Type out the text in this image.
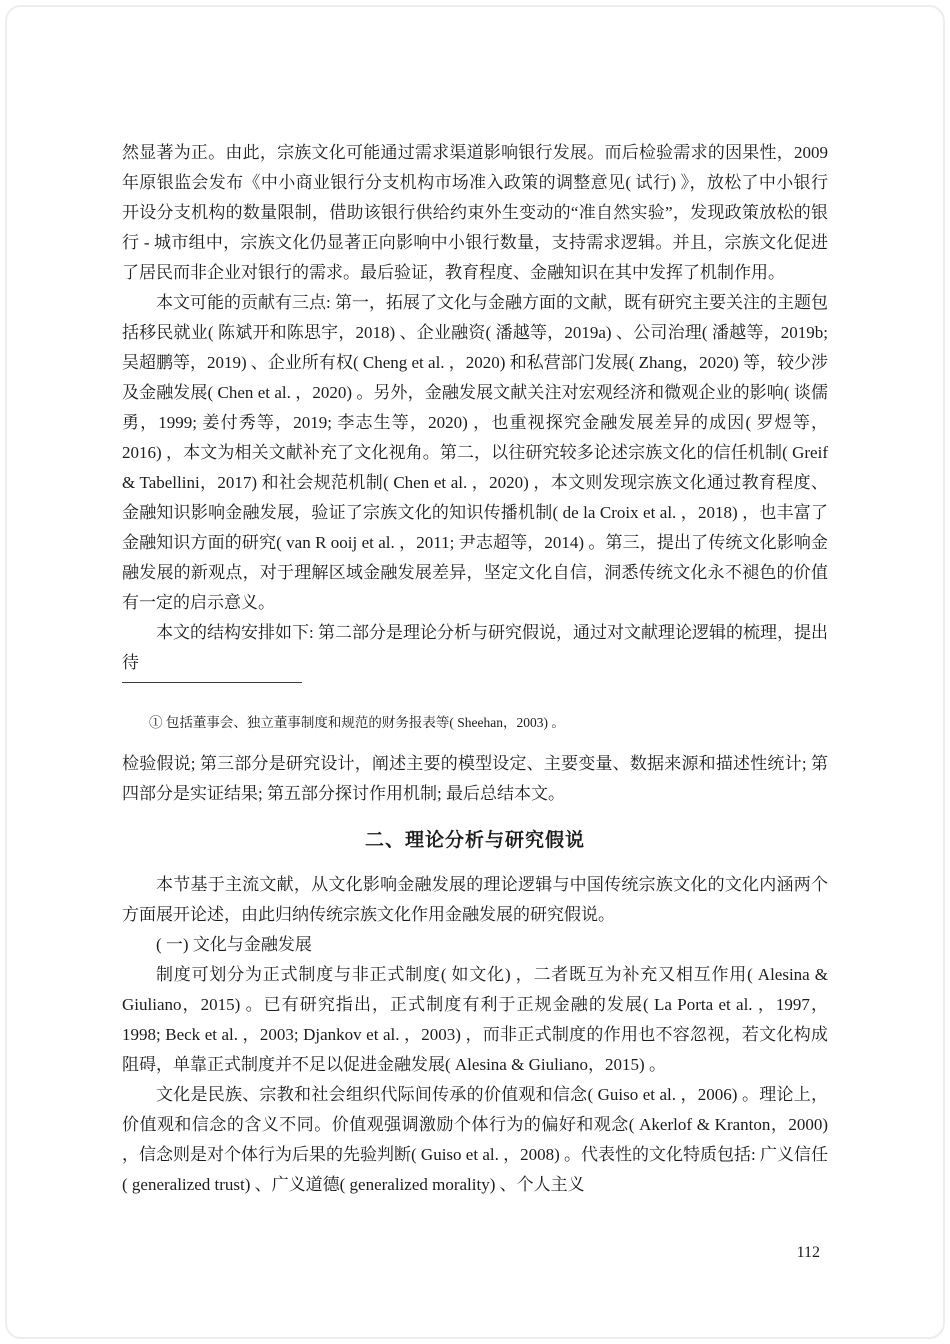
然显著为正。由此，宗族文化可能通过需求渠道影响银行发展。而后检验需求的因果性，2009 年原银监会发布《中小商业银行分支机构市场准入政策的调整意见( 试行) 》，放松了中小银行开设分支机构的数量限制，借助该银行供给约束外生变动的“准自然实验”，发现政策放松的银行 - 城市组中，宗族文化仍显著正向影响中小银行数量，支持需求逻辑。并且，宗族文化促进了居民而非企业对银行的需求。最后验证，教育程度、金融知识在其中发挥了机制作用。

本文可能的贡献有三点: 第一，拓展了文化与金融方面的文献，既有研究主要关注的主题包括移民就业( 陈斌开和陈思宇，2018) 、企业融资( 潘越等，2019a) 、公司治理( 潘越等，2019b; 吴超鹏等，2019) 、企业所有权( Cheng et al. ，2020) 和私营部门发展( Zhang，2020) 等，较少涉及金融发展( Chen et al. ，2020) 。另外，金融发展文献关注对宏观经济和微观企业的影响( 谈儒勇，1999; 姜付秀等，2019; 李志生等，2020) ，也重视探究金融发展差异的成因( 罗煜等，2016) ，本文为相关文献补充了文化视角。第二，以往研究较多论述宗族文化的信任机制( Greif & Tabellini，2017) 和社会规范机制( Chen et al. ，2020) ，本文则发现宗族文化通过教育程度、金融知识影响金融发展，验证了宗族文化的知识传播机制( de la Croix et al. ，2018) ，也丰富了金融知识方面的研究( van R ooij et al. ，2011; 尹志超等，2014) 。第三，提出了传统文化影响金融发展的新观点，对于理解区域金融发展差异，坚定文化自信，洞悉传统文化永不褪色的价值有一定的启示意义。

本文的结构安排如下: 第二部分是理论分析与研究假说，通过对文献理论逻辑的梳理，提出待

① 包括董事会、独立董事制度和规范的财务报表等( Sheehan，2003) 。

检验假说; 第三部分是研究设计，阐述主要的模型设定、主要变量、数据来源和描述性统计; 第四部分是实证结果; 第五部分探讨作用机制; 最后总结本文。

二、理论分析与研究假说

本节基于主流文献，从文化影响金融发展的理论逻辑与中国传统宗族文化的文化内涵两个方面展开论述，由此归纳传统宗族文化作用金融发展的研究假说。

( 一) 文化与金融发展

制度可划分为正式制度与非正式制度( 如文化) ，二者既互为补充又相互作用( Alesina & Giuliano，2015) 。已有研究指出，正式制度有利于正规金融的发展( La Porta et al. ，1997，1998; Beck et al. ，2003; Djankov et al. ，2003) ，而非正式制度的作用也不容忽视，若文化构成阻碍，单靠正式制度并不足以促进金融发展( Alesina & Giuliano，2015) 。

文化是民族、宗教和社会组织代际间传承的价值观和信念( Guiso et al. ，2006) 。理论上，价值观和信念的含义不同。价值观强调激励个体行为的偏好和观念( Akerlof & Kranton，2000) ，信念则是对个体行为后果的先验判断( Guiso et al. ，2008) 。代表性的文化特质包括: 广义信任( generalized trust) 、广义道德( generalized morality) 、个人主义

112
